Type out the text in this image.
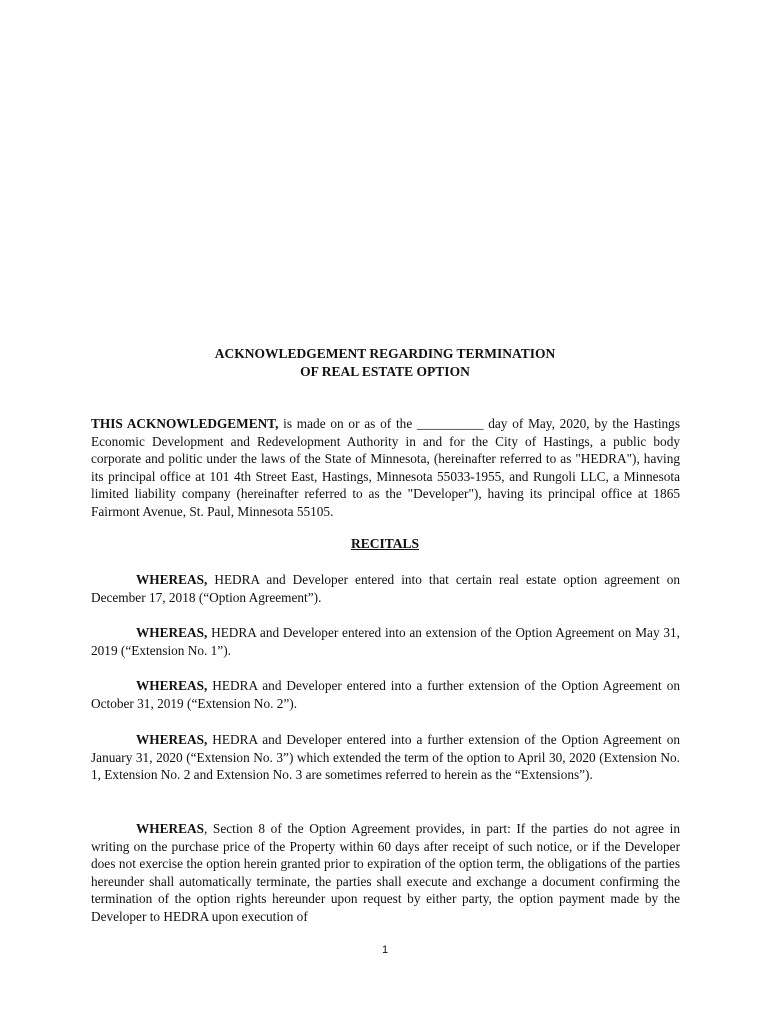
ACKNOWLEDGEMENT REGARDING TERMINATION
OF REAL ESTATE OPTION
THIS ACKNOWLEDGEMENT, is made on or as of the __________ day of May, 2020, by the Hastings Economic Development and Redevelopment Authority in and for the City of Hastings, a public body corporate and politic under the laws of the State of Minnesota, (hereinafter referred to as "HEDRA"), having its principal office at 101 4th Street East, Hastings, Minnesota 55033-1955, and Rungoli LLC, a Minnesota limited liability company (hereinafter referred to as the "Developer"), having its principal office at 1865 Fairmont Avenue, St. Paul, Minnesota 55105.
RECITALS
WHEREAS, HEDRA and Developer entered into that certain real estate option agreement on December 17, 2018 (“Option Agreement”).
WHEREAS, HEDRA and Developer entered into an extension of the Option Agreement on May 31, 2019 (“Extension No. 1”).
WHEREAS, HEDRA and Developer entered into a further extension of the Option Agreement on October 31, 2019 (“Extension No. 2”).
WHEREAS, HEDRA and Developer entered into a further extension of the Option Agreement on January 31, 2020 (“Extension No. 3”) which extended the term of the option to April 30, 2020 (Extension No. 1, Extension No. 2 and Extension No. 3 are sometimes referred to herein as the “Extensions”).
WHEREAS, Section 8 of the Option Agreement provides, in part: If the parties do not agree in writing on the purchase price of the Property within 60 days after receipt of such notice, or if the Developer does not exercise the option herein granted prior to expiration of the option term, the obligations of the parties hereunder shall automatically terminate, the parties shall execute and exchange a document confirming the termination of the option rights hereunder upon request by either party, the option payment made by the Developer to HEDRA upon execution of
1
